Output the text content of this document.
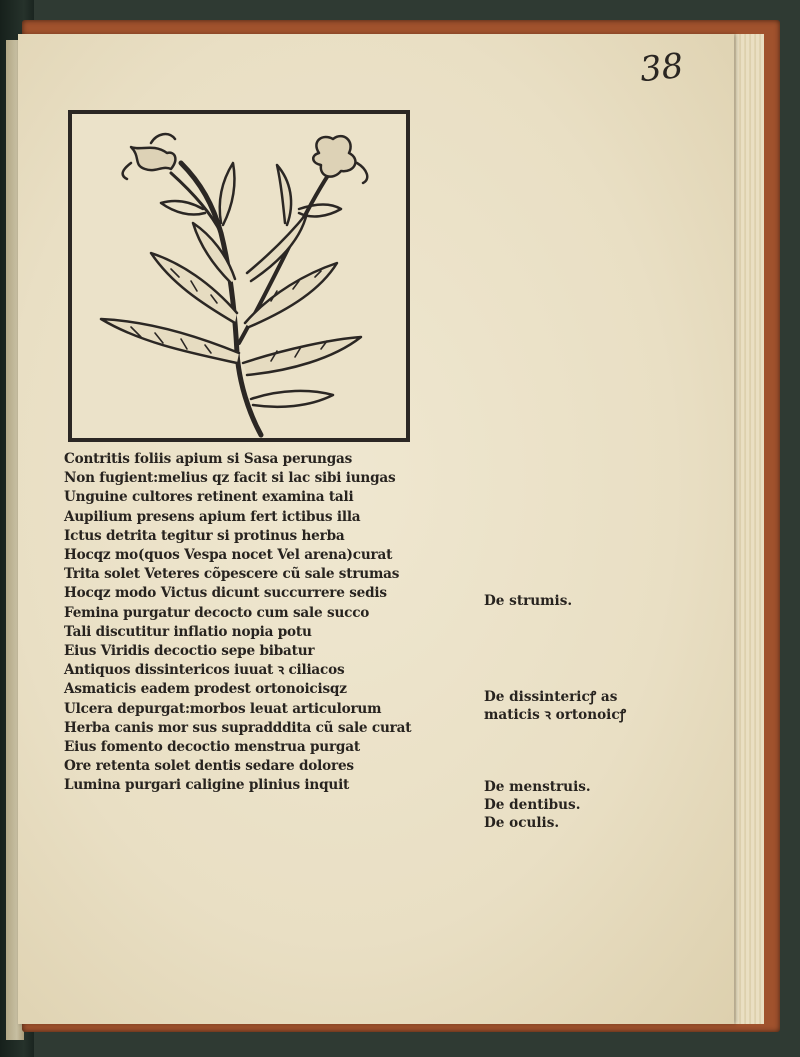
38
Contritis foliis apium si Sasa perungas
Non fugient:melius qz facit si lac sibi iungas
Unguine cultores retinent examina tali
Aupilium presens apium fert ictibus illa
Ictus detrita tegitur si protinus herba
Hocqz mo(quos Vespa nocet Vel arena)curat
Trita solet Veteres cõpescere cũ sale strumas
Hocqz modo Victus dicunt succurrere sedis
Femina purgatur decocto cum sale succo
Tali discutitur inflatio nopia potu
Eius Viridis decoctio sepe bibatur
Antiquos dissintericos iuuat ꝛ ciliacos
Asmaticis eadem prodest ortonoicisqz
Ulcera depurgat:morbos leuat articulorum
Herba canis mor sus supradddita cũ sale curat
Eius fomento decoctio menstrua purgat
Ore retenta solet dentis sedare dolores
Lumina purgari caligine plinius inquit
De strumis.
De dissintericꝭ as
maticis ꝛ ortonoicꝭ
De menstruis.
De dentibus.
De oculis.
